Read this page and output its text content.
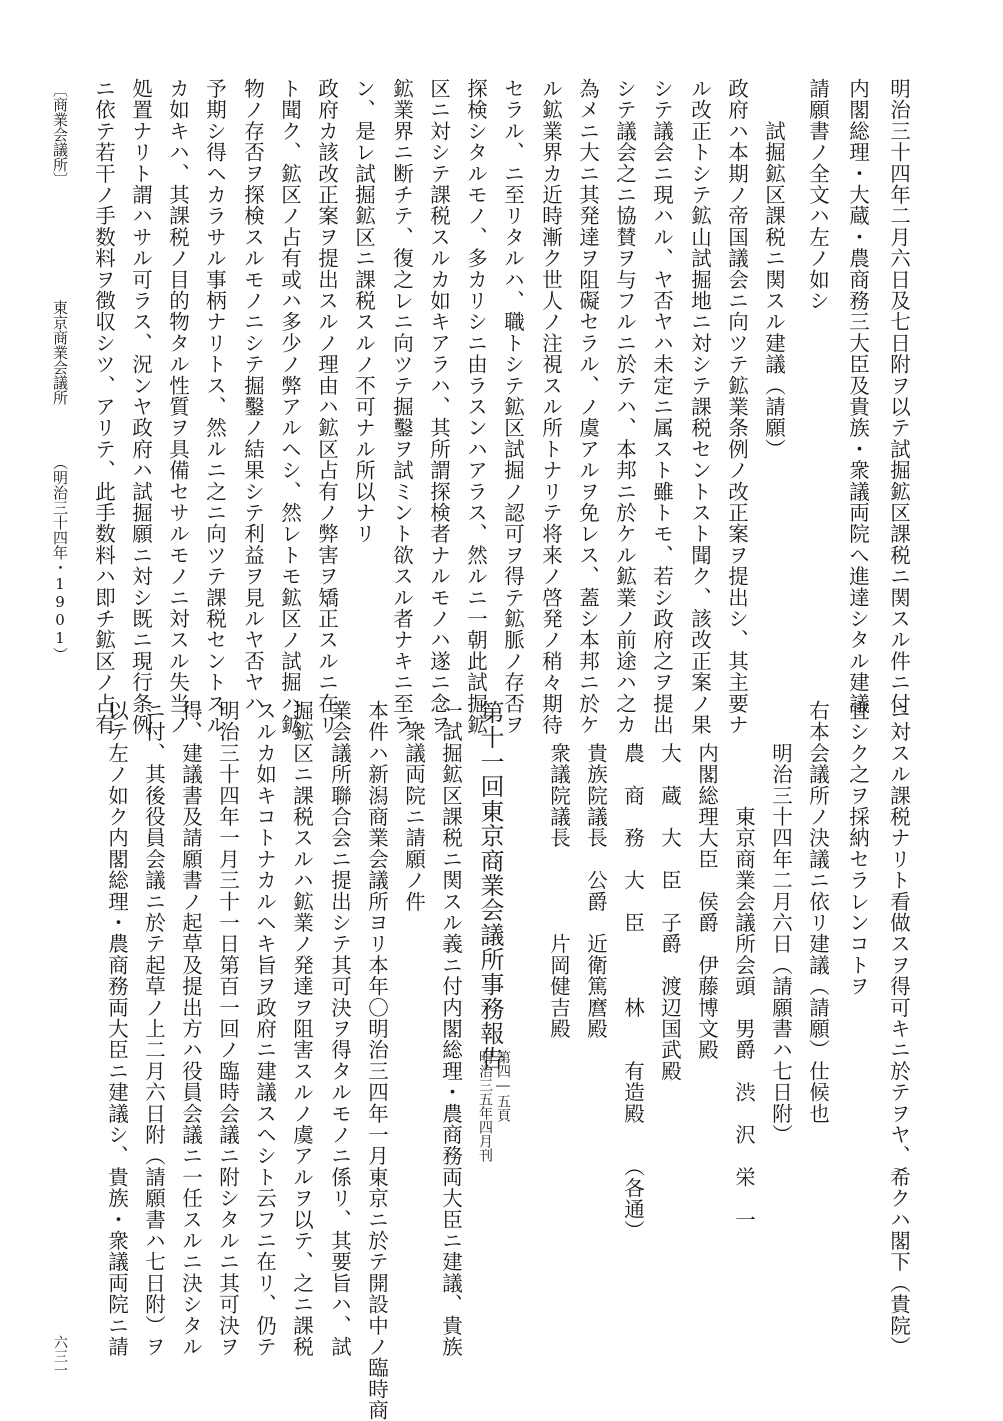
明治三十四年二月六日及七日附ヲ以テ試掘鉱区課税ニ関スル件ニ付
内閣総理・大蔵・農商務三大臣及貴族・衆議両院へ進達シタル建議
請願書ノ全文ハ左ノ如シ
　　試掘鉱区課税ニ関スル建議（請願）
政府ハ本期ノ帝国議会ニ向ツテ鉱業条例ノ改正案ヲ提出シ、其主要ナ
ル改正トシテ鉱山試掘地ニ対シテ課税セントスト聞ク、該改正案ノ果
シテ議会ニ現ハル、ヤ否ヤハ未定ニ属スト雖トモ、若シ政府之ヲ提出
シテ議会之ニ協賛ヲ与フルニ於テハ、本邦ニ於ケル鉱業ノ前途ハ之カ
為メニ大ニ其発達ヲ阻礙セラル、ノ虞アルヲ免レス、蓋シ本邦ニ於ケ
ル鉱業界カ近時漸ク世人ノ注視スル所トナリテ将来ノ啓発ノ稍々期待
セラル、ニ至リタルハ、職トシテ鉱区試掘ノ認可ヲ得テ鉱脈ノ存否ヲ
探検シタルモノ、多カリシニ由ラスンハアラス、然ルニ一朝此試掘鉱
区ニ対シテ課税スルカ如キアラハ、其所謂探検者ナルモノハ遂ニ念ヲ
鉱業界ニ断チテ、復之レニ向ツテ掘鑿ヲ試ミント欲スル者ナキニ至ラ
ン、是レ試掘鉱区ニ課税スルノ不可ナル所以ナリ
政府カ該改正案ヲ提出スルノ理由ハ鉱区占有ノ弊害ヲ矯正スルニ在リ
ト聞ク、鉱区ノ占有或ハ多少ノ弊アルヘシ、然レトモ鉱区ノ試掘ハ鉱
物ノ存否ヲ探検スルモノニシテ掘鑿ノ結果シテ利益ヲ見ルヤ否ヤハ
予期シ得ヘカラサル事柄ナリトス、然ルニ之ニ向ツテ課税セントスル
カ如キハ、其課税ノ目的物タル性質ヲ具備セサルモノニ対スル失当ノ
処置ナリト謂ハサル可ラス、況ンヤ政府ハ試掘願ニ対シ既ニ現行条例
ニ依テ若干ノ手数料ヲ徴収シツ、アリテ、此手数料ハ即チ鉱区ノ占有
〔商業会議所〕
東京商業会議所
（明治三十四年・1901）
ニ対スル課税ナリト看做スヲ得可キニ於テヲヤ、希クハ閣下（貴院）
宜シク之ヲ採納セラレンコトヲ
右本会議所ノ決議ニ依リ建議（請願）仕候也
　　明治三十四年二月六日（請願書ハ七日附）
　　　　　東京商業会議所会頭　男爵　渋　沢　栄　一
　　内閣総理大臣　侯爵　伊藤博文殿
　　大　蔵　大　臣　子爵　渡辺国武殿
　　農　商　務　大　臣　　　林　　有造殿　　（各通）
　　貴族院議長　公爵　近衛篤麿殿
　　衆議院議長　　　　片岡健吉殿
第十一回東京商業会議所事務報告
第四―五頁
明治三五年四月刊
一試掘鉱区課税ニ関スル義ニ付内閣総理・農商務両大臣ニ建議、貴族
　衆議両院ニ請願ノ件
本件ハ新潟商業会議所ヨリ本年〇明治三四年一月東京ニ於テ開設中ノ臨時商
業会議所聯合会ニ提出シテ其可決ヲ得タルモノニ係リ、其要旨ハ、試
掘鉱区ニ課税スルハ鉱業ノ発達ヲ阻害スルノ虞アルヲ以テ、之ニ課税
スルカ如キコトナカルヘキ旨ヲ政府ニ建議スヘシト云フニ在リ、仍テ
明治三十四年一月三十一日第百一回ノ臨時会議ニ附シタルニ其可決ヲ
得、建議書及請願書ノ起草及提出方ハ役員会議ニ一任スルニ決シタル
ニ付、其後役員会議ニ於テ起草ノ上二月六日附（請願書ハ七日附）ヲ
以テ左ノ如ク内閣総理・農商務両大臣ニ建議シ、貴族・衆議両院ニ請
六三一
